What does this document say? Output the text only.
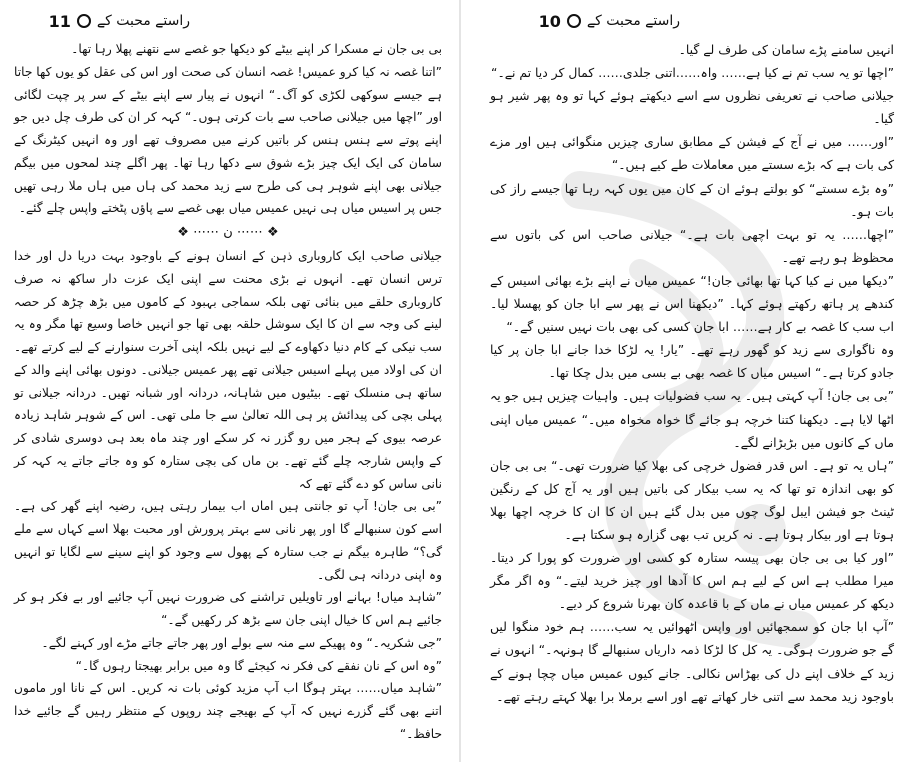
راستے محبت کے
11

بی بی جان نے مسکرا کر اپنے بیٹے کو دیکھا جو غصے سے نتھنے پھلا رہا تھا۔

”اتنا غصہ نہ کیا کرو عمیس! غصہ انسان کی صحت اور اس کی عقل کو یوں کھا جاتا ہے جیسے سوکھی لکڑی کو آگ۔“ انہوں نے پیار سے اپنے بیٹے کے سر پر چپت لگائی اور ”اچھا میں جیلانی صاحب سے بات کرتی ہوں۔“ کہہ کر ان کی طرف چل دیں جو اپنے پوتے سے ہنس ہنس کر باتیں کرنے میں مصروف تھے اور وہ انہیں کیٹرنگ کے سامان کی ایک ایک چیز بڑے شوق سے دکھا رہا تھا۔ پھر اگلے چند لمحوں میں بیگم جیلانی بھی اپنے شوہر ہی کی طرح سے زید محمد کی ہاں میں ہاں ملا رہی تھیں جس پر اسیس میاں ہی نہیں عمیس میاں بھی غصے سے پاؤں پٹختے واپس چلے گئے۔

❖ ⋯⋯ ن ⋯⋯ ❖

جیلانی صاحب ایک کاروباری ذہن کے انسان ہونے کے باوجود بہت دریا دل اور خدا ترس انسان تھے۔ انہوں نے بڑی محنت سے اپنی ایک عزت دار ساکھ نہ صرف کاروباری حلقے میں بنائی تھی بلکہ سماجی بہبود کے کاموں میں بڑھ چڑھ کر حصہ لینے کی وجہ سے ان کا ایک سوشل حلقہ بھی تھا جو انہیں خاصا وسیع تھا مگر وہ یہ سب نیکی کے کام دنیا دکھاوے کے لیے نہیں بلکہ اپنی آخرت سنوارنے کے لیے کرتے تھے۔ ان کی اولاد میں پہلے اسیس جیلانی تھے پھر عمیس جیلانی۔ دونوں بھائی اپنے والد کے ساتھ ہی منسلک تھے۔ بیٹیوں میں شاہانہ، دردانہ اور شبانہ تھیں۔ دردانہ جیلانی تو پہلی بچی کی پیدائش پر ہی اللہ تعالیٰ سے جا ملی تھی۔ اس کے شوہر شاہد زیادہ عرصہ بیوی کے ہجر میں رو گزر نہ کر سکے اور چند ماہ بعد ہی دوسری شادی کر کے واپس شارجہ چلے گئے تھے۔ بن ماں کی بچی ستارہ کو وہ جاتے جاتے یہ کہہ کر نانی ساس کو دے گئے تھے کہ

”بی بی جان! آپ تو جانتی ہیں اماں اب بیمار رہتی ہیں، رضیہ اپنے گھر کی ہے۔ اسے کون سنبھالے گا اور پھر نانی سے بہتر پرورش اور محبت بھلا اسے کہاں سے ملے گی؟“ طاہرہ بیگم نے جب ستارہ کے پھول سے وجود کو اپنے سینے سے لگایا تو انہیں وہ اپنی دردانہ ہی لگی۔

”شاہد میاں! بہانے اور تاویلیں تراشنے کی ضرورت نہیں آپ جائیے اور بے فکر ہو کر جائیے ہم اس کا خیال اپنی جان سے بڑھ کر رکھیں گے۔“

”جی شکریہ۔“ وہ پھیکے سے منہ سے بولے اور پھر جاتے جاتے مڑے اور کہنے لگے۔

”وہ اس کے نان نفقے کی فکر نہ کیجئے گا وہ میں برابر بھیجتا رہوں گا۔“

”شاہد میاں…… بہتر ہوگا اب آپ مزید کوئی بات نہ کریں۔ اس کے نانا اور ماموں اتنے بھی گئے گزرے نہیں کہ آپ کے بھیجے چند روپوں کے منتظر رہیں گے جائیے خدا حافظ۔“

راستے محبت کے
10

انہیں سامنے پڑے سامان کی طرف لے گیا۔

”اچھا تو یہ سب تم نے کیا ہے…… واہ……اتنی جلدی…… کمال کر دیا تم نے۔“

جیلانی صاحب نے تعریفی نظروں سے اسے دیکھتے ہوئے کہا تو وہ پھر شیر ہو گیا۔

”اور…… میں نے آج کے فیشن کے مطابق ساری چیزیں منگوائی ہیں اور مزے کی بات ہے کہ بڑے سستے میں معاملات طے کیے ہیں۔“

”وہ بڑے سستے“ کو بولتے ہوئے ان کے کان میں یوں کہہ رہا تھا جیسے راز کی بات ہو۔

”اچھا…… یہ تو بہت اچھی بات ہے۔“ جیلانی صاحب اس کی باتوں سے محظوظ ہو رہے تھے۔

”دیکھا میں نے کیا کہا تھا بھائی جان!“ عمیس میاں نے اپنے بڑے بھائی اسیس کے کندھے پر ہاتھ رکھتے ہوئے کہا۔ ”دیکھنا اس نے پھر سے ابا جان کو پھسلا لیا۔ اب سب کا غصہ بے کار ہے…… ابا جان کسی کی بھی بات نہیں سنیں گے۔“

وہ ناگواری سے زید کو گھور رہے تھے۔ ”یار! یہ لڑکا خدا جانے ابا جان پر کیا جادو کرتا ہے۔“ اسیس میاں کا غصہ بھی بے بسی میں بدل چکا تھا۔

”بی بی جان! آپ کہتی ہیں۔ یہ سب فضولیات ہیں۔ واہیات چیزیں ہیں جو یہ اٹھا لایا ہے۔ دیکھنا کتنا خرچہ ہو جائے گا خواہ مخواہ میں۔“ عمیس میاں اپنی ماں کے کانوں میں بڑبڑانے لگے۔

”ہاں یہ تو ہے۔ اس قدر فضول خرچی کی بھلا کیا ضرورت تھی۔“ بی بی جان کو بھی اندازہ تو تھا کہ یہ سب بیکار کی باتیں ہیں اور یہ آج کل کے رنگین ٹینٹ جو فیشن ایبل لوگ چوں میں بدل گئے ہیں ان کا ان کا خرچہ اچھا بھلا ہوتا ہے اور بیکار ہوتا ہے۔ نہ کریں تب بھی گزارہ ہو سکتا ہے۔

”اور کیا بی بی جان بھی پیسہ ستارہ کو کسی اور ضرورت کو پورا کر دیتا۔ میرا مطلب ہے اس کے لیے ہم اس کا آدھا اور چیز خرید لیتے۔“ وہ اگر مگر دیکھ کر عمیس میاں نے ماں کے با قاعدہ کان بھرنا شروع کر دیے۔

”آپ ابا جان کو سمجھائیں اور واپس اٹھوائیں یہ سب…… ہم خود منگوا لیں گے جو ضرورت ہوگی۔ یہ کل کا لڑکا ذمہ داریاں سنبھالے گا ہونہہ۔“ انہوں نے زید کے خلاف اپنے دل کی بھڑاس نکالی۔ جانے کیوں عمیس میاں چچا ہونے کے باوجود زید محمد سے اتنی خار کھاتے تھے اور اسے برملا برا بھلا کہتے رہتے تھے۔
